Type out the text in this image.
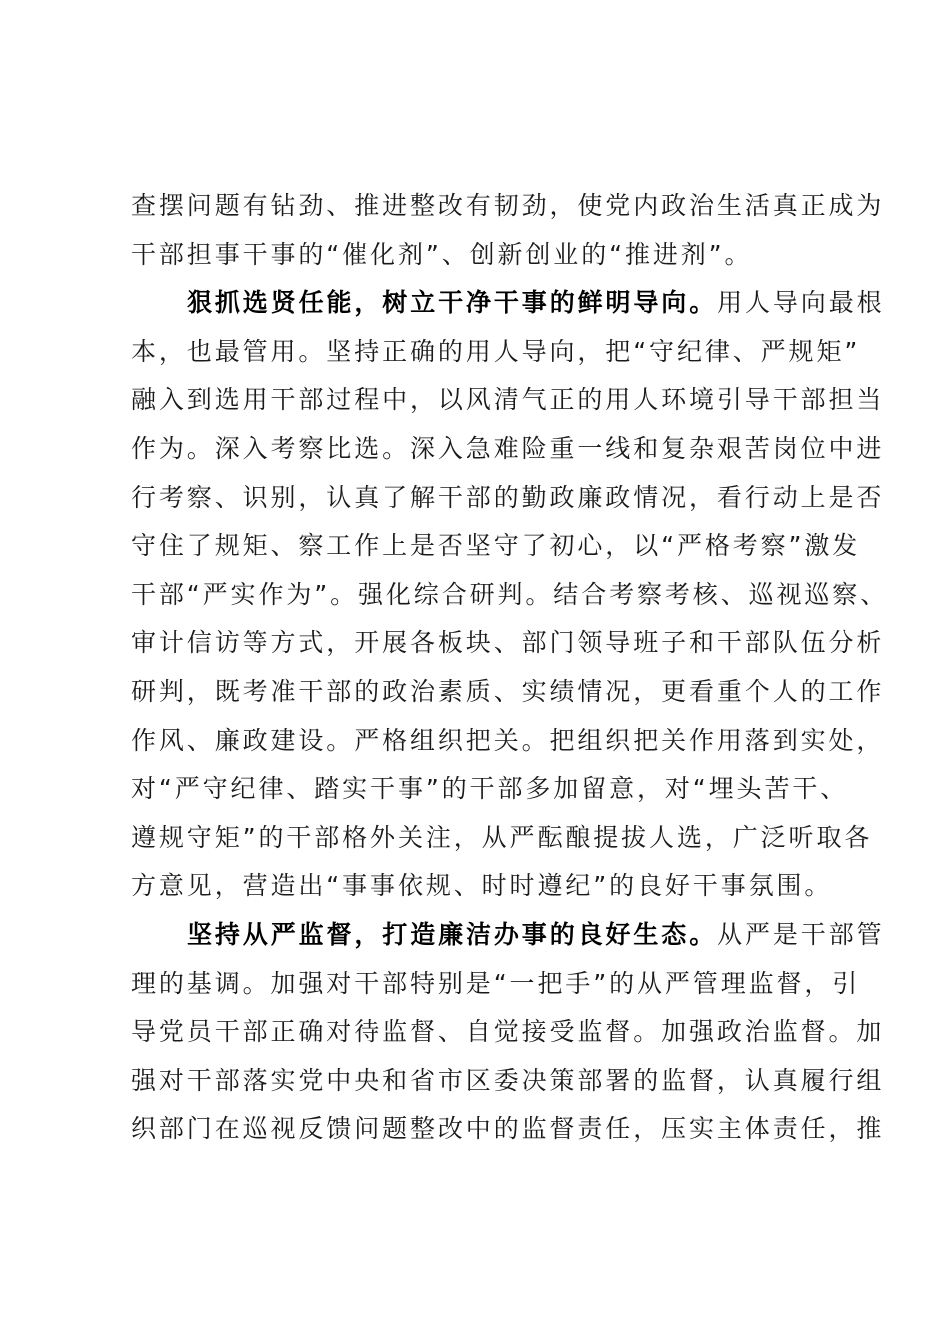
查摆问题有钻劲、推进整改有韧劲，使党内政治生活真正成为
干部担事干事的“催化剂”、创新创业的“推进剂”。
狠抓选贤任能，树立干净干事的鲜明导向。用人导向最根
本，也最管用。坚持正确的用人导向，把“守纪律、严规矩”
融入到选用干部过程中，以风清气正的用人环境引导干部担当
作为。深入考察比选。深入急难险重一线和复杂艰苦岗位中进
行考察、识别，认真了解干部的勤政廉政情况，看行动上是否
守住了规矩、察工作上是否坚守了初心，以“严格考察”激发
干部“严实作为”。强化综合研判。结合考察考核、巡视巡察、
审计信访等方式，开展各板块、部门领导班子和干部队伍分析
研判，既考准干部的政治素质、实绩情况，更看重个人的工作
作风、廉政建设。严格组织把关。把组织把关作用落到实处，
对“严守纪律、踏实干事”的干部多加留意，对“埋头苦干、
遵规守矩”的干部格外关注，从严酝酿提拔人选，广泛听取各
方意见，营造出“事事依规、时时遵纪”的良好干事氛围。
坚持从严监督，打造廉洁办事的良好生态。从严是干部管
理的基调。加强对干部特别是“一把手”的从严管理监督，引
导党员干部正确对待监督、自觉接受监督。加强政治监督。加
强对干部落实党中央和省市区委决策部署的监督，认真履行组
织部门在巡视反馈问题整改中的监督责任，压实主体责任，推
